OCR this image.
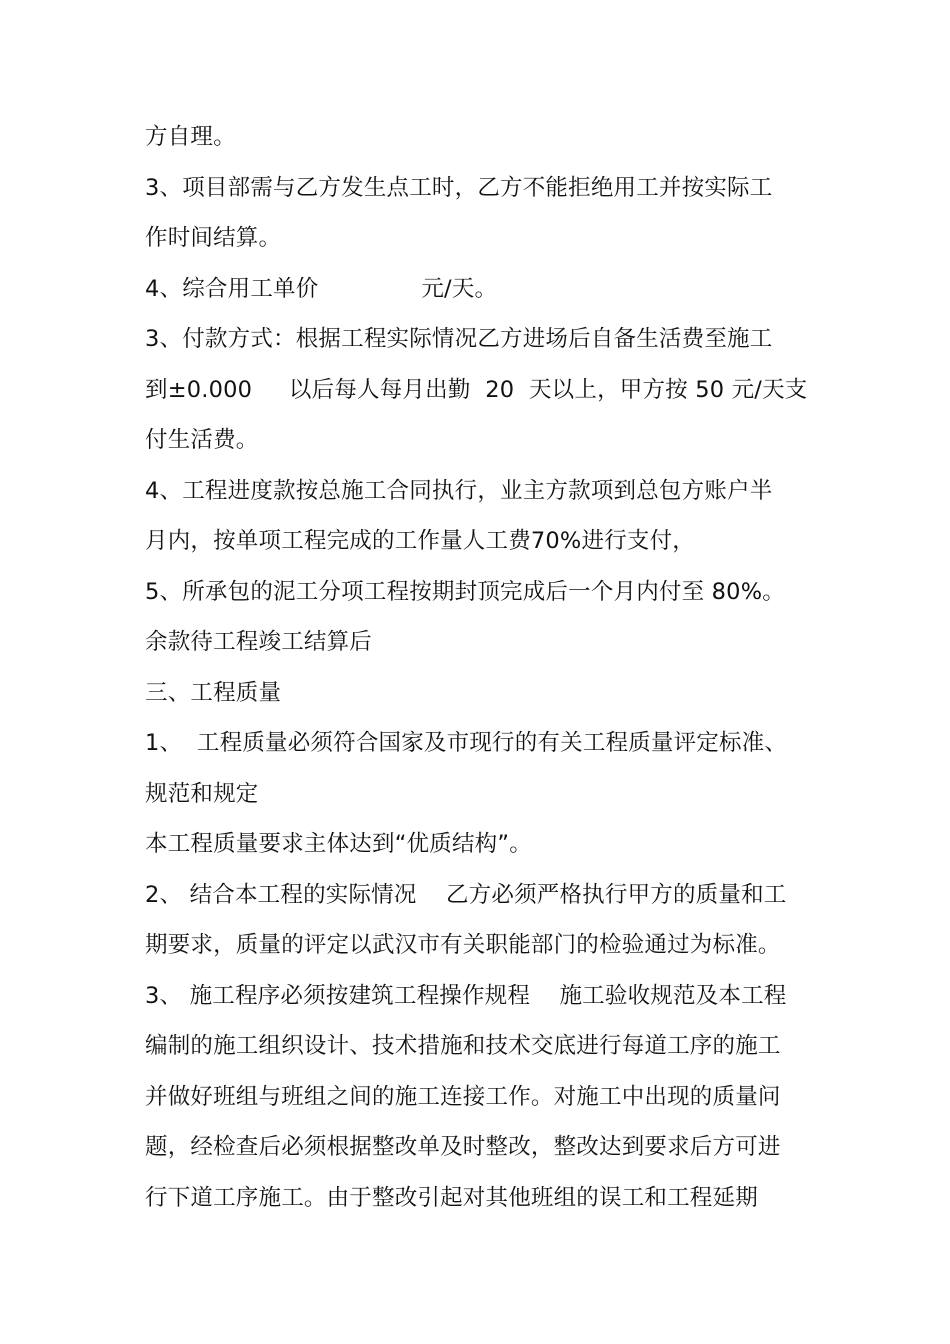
方自理。
3、项目部需与乙方发生点工时，乙方不能拒绝用工并按实际工
作时间结算。
4、综合用工单价              元/天。
3、付款方式：根据工程实际情况乙方进场后自备生活费至施工
到±0.000     以后每人每月出勤  20  天以上，甲方按 50 元/天支
付生活费。
4、工程进度款按总施工合同执行，业主方款项到总包方账户半
月内，按单项工程完成的工作量人工费70%进行支付，
5、所承包的泥工分项工程按期封顶完成后一个月内付至 80%。
余款待工程竣工结算后
三、工程质量
1、  工程质量必须符合国家及市现行的有关工程质量评定标准、
规范和规定
本工程质量要求主体达到“优质结构”。
2、 结合本工程的实际情况    乙方必须严格执行甲方的质量和工
期要求，质量的评定以武汉市有关职能部门的检验通过为标准。
3、 施工程序必须按建筑工程操作规程    施工验收规范及本工程
编制的施工组织设计、技术措施和技术交底进行每道工序的施工
并做好班组与班组之间的施工连接工作。对施工中出现的质量问
题，经检查后必须根据整改单及时整改，整改达到要求后方可进
行下道工序施工。由于整改引起对其他班组的误工和工程延期
